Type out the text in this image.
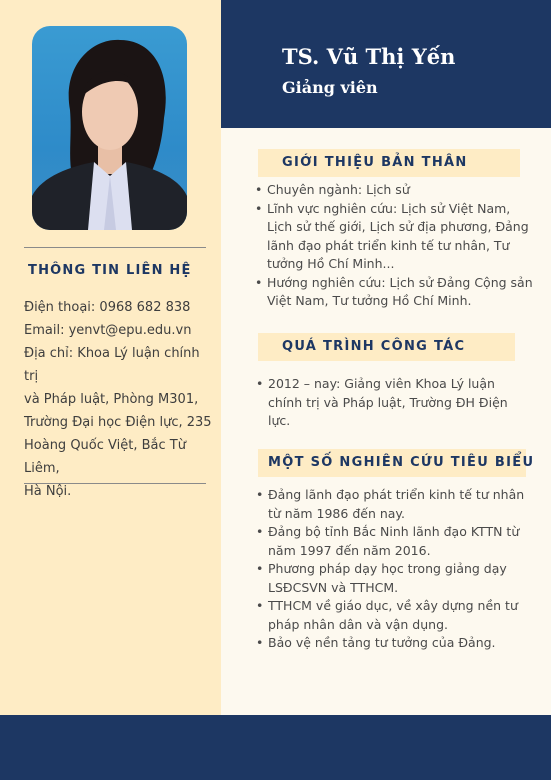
TS. Vũ Thị Yến
Giảng viên
THÔNG TIN LIÊN HỆ
Điện thoại: 0968 682 838
Email: yenvt@epu.edu.vn
Địa chỉ: Khoa Lý luận chính trị
và Pháp luật, Phòng M301,
Trường Đại học Điện lực, 235
Hoàng Quốc Việt, Bắc Từ Liêm,
Hà Nội.
GIỚI THIỆU BẢN THÂN
• Chuyên ngành: Lịch sử
• Lĩnh vực nghiên cứu: Lịch sử Việt Nam, Lịch sử thế giới, Lịch sử địa phương, Đảng lãnh đạo phát triển kinh tế tư nhân, Tư tưởng Hồ Chí Minh...
• Hướng nghiên cứu: Lịch sử Đảng Cộng sản Việt Nam, Tư tưởng Hồ Chí Minh.
QUÁ TRÌNH CÔNG TÁC
• 2012 – nay: Giảng viên Khoa Lý luận chính trị và Pháp luật, Trường ĐH Điện lực.
MỘT SỐ NGHIÊN CỨU TIÊU BIỂU
• Đảng lãnh đạo phát triển kinh tế tư nhân từ năm 1986 đến nay.
• Đảng bộ tỉnh Bắc Ninh lãnh đạo KTTN từ năm 1997 đến năm 2016.
• Phương pháp dạy học trong giảng dạy LSĐCSVN và TTHCM.
• TTHCM về giáo dục, về xây dựng nền tư pháp nhân dân và vận dụng.
• Bảo vệ nền tảng tư tưởng của Đảng.
